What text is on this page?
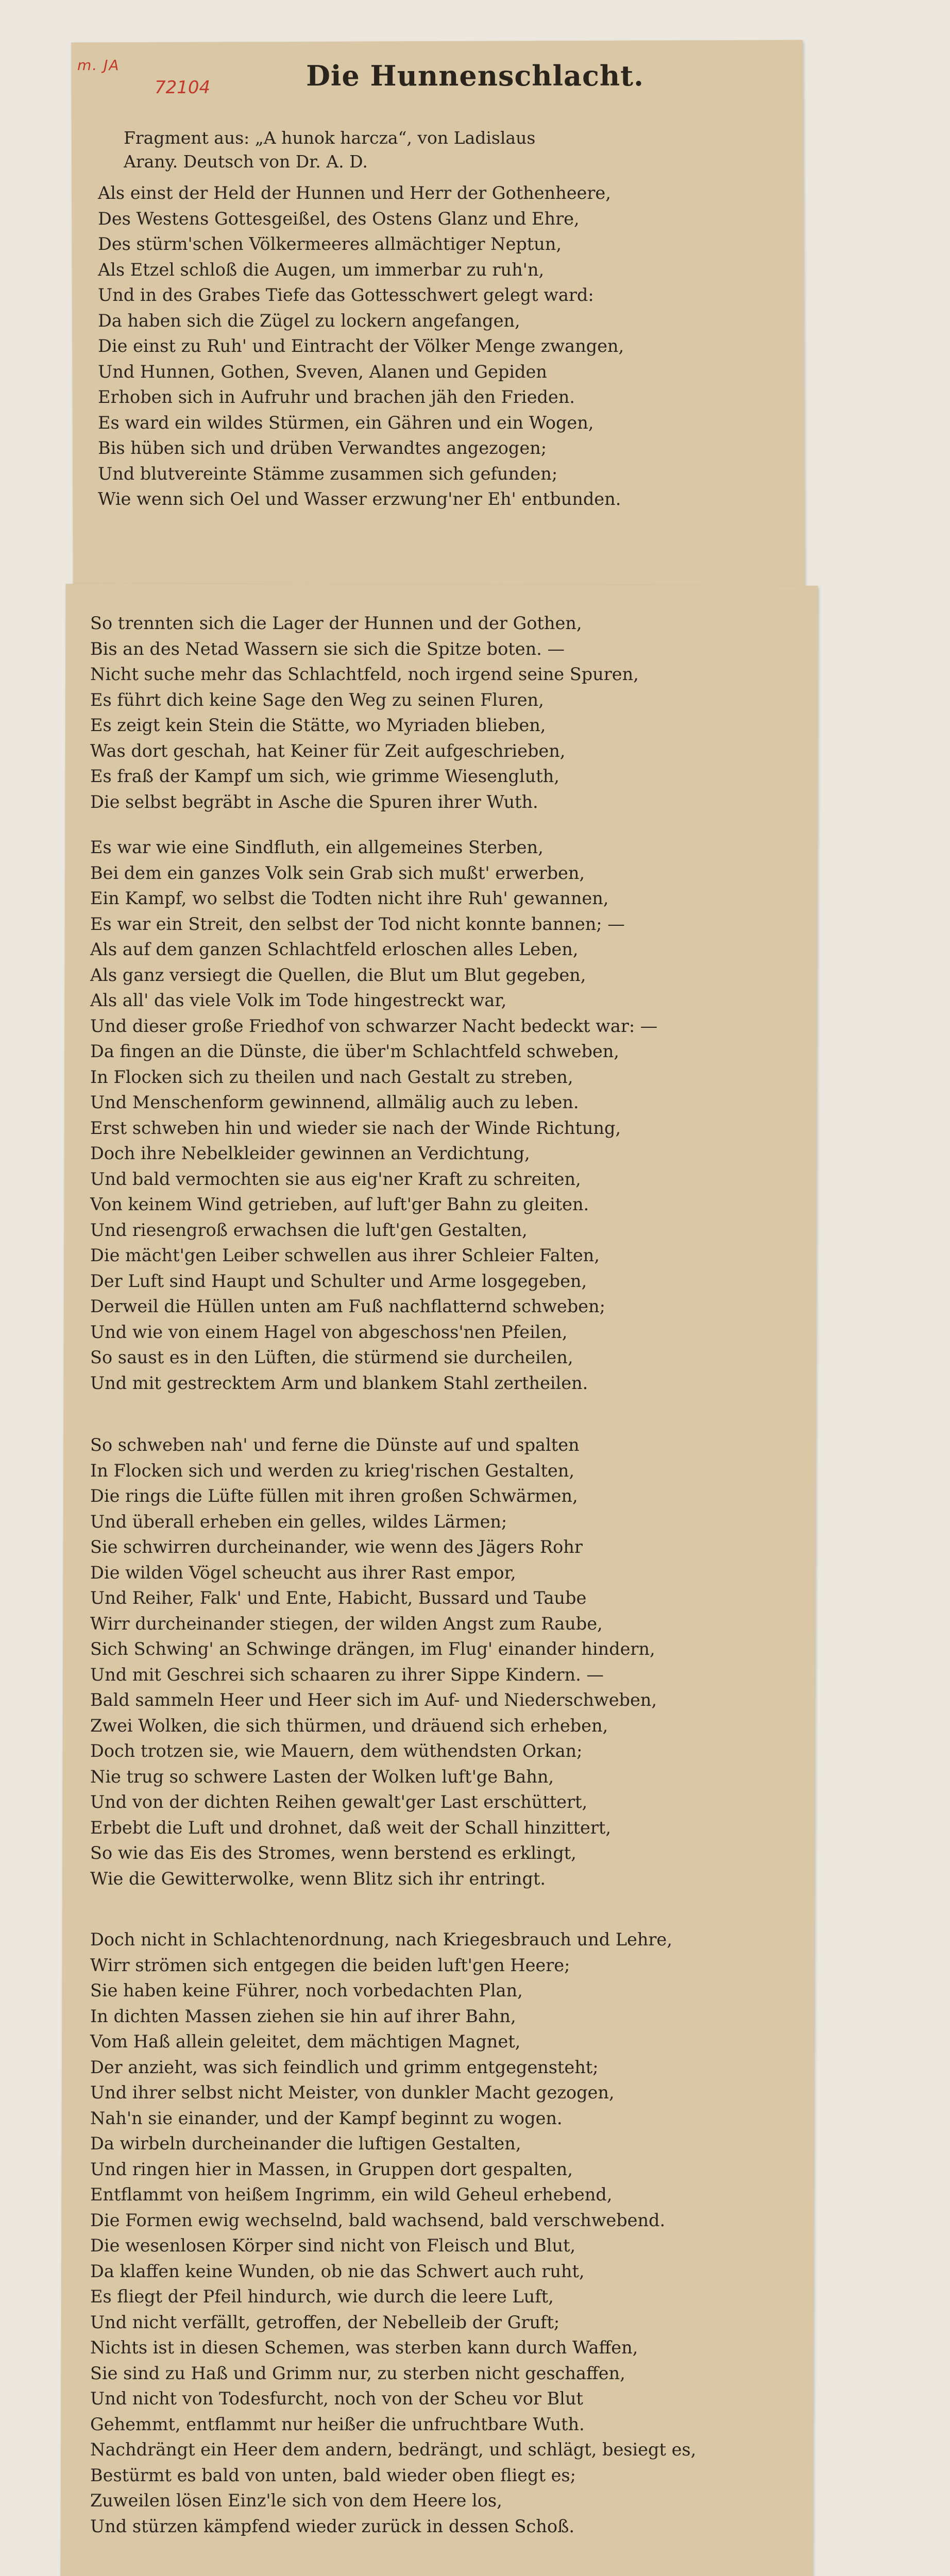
m. JA
72104	Die Hunnenschlacht.
Fragment aus: „A hunok harcza“, von Ladislaus
Arany. Deutsch von Dr. A. D.
Als einst der Held der Hunnen und Herr der Gothenheere,
Des Westens Gottesgeißel, des Ostens Glanz und Ehre,
Des stürm'schen Völkermeeres allmächtiger Neptun,
Als Etzel schloß die Augen, um immerbar zu ruh'n,
Und in des Grabes Tiefe das Gottesschwert gelegt ward:
Da haben sich die Zügel zu lockern angefangen,
Die einst zu Ruh' und Eintracht der Völker Menge zwangen,
Und Hunnen, Gothen, Sveven, Alanen und Gepiden
Erhoben sich in Aufruhr und brachen jäh den Frieden.
Es ward ein wildes Stürmen, ein Gähren und ein Wogen,
Bis hüben sich und drüben Verwandtes angezogen;
Und blutvereinte Stämme zusammen sich gefunden;
Wie wenn sich Oel und Wasser erzwung'ner Eh' entbunden.
So trennten sich die Lager der Hunnen und der Gothen,
Bis an des Netad Wassern sie sich die Spitze boten. —
Nicht suche mehr das Schlachtfeld, noch irgend seine Spuren,
Es führt dich keine Sage den Weg zu seinen Fluren,
Es zeigt kein Stein die Stätte, wo Myriaden blieben,
Was dort geschah, hat Keiner für Zeit aufgeschrieben,
Es fraß der Kampf um sich, wie grimme Wiesengluth,
Die selbst begräbt in Asche die Spuren ihrer Wuth.
Es war wie eine Sindfluth, ein allgemeines Sterben,
Bei dem ein ganzes Volk sein Grab sich mußt' erwerben,
Ein Kampf, wo selbst die Todten nicht ihre Ruh' gewannen,
Es war ein Streit, den selbst der Tod nicht konnte bannen; —
Als auf dem ganzen Schlachtfeld erloschen alles Leben,
Als ganz versiegt die Quellen, die Blut um Blut gegeben,
Als all' das viele Volk im Tode hingestreckt war,
Und dieser große Friedhof von schwarzer Nacht bedeckt war: —
Da fingen an die Dünste, die über'm Schlachtfeld schweben,
In Flocken sich zu theilen und nach Gestalt zu streben,
Und Menschenform gewinnend, allmälig auch zu leben.
Erst schweben hin und wieder sie nach der Winde Richtung,
Doch ihre Nebelkleider gewinnen an Verdichtung,
Und bald vermochten sie aus eig'ner Kraft zu schreiten,
Von keinem Wind getrieben, auf luft'ger Bahn zu gleiten.
Und riesengroß erwachsen die luft'gen Gestalten,
Die mächt'gen Leiber schwellen aus ihrer Schleier Falten,
Der Luft sind Haupt und Schulter und Arme losgegeben,
Derweil die Hüllen unten am Fuß nachflatternd schweben;
Und wie von einem Hagel von abgeschoss'nen Pfeilen,
So saust es in den Lüften, die stürmend sie durcheilen,
Und mit gestrecktem Arm und blankem Stahl zertheilen.
So schweben nah' und ferne die Dünste auf und spalten
In Flocken sich und werden zu krieg'rischen Gestalten,
Die rings die Lüfte füllen mit ihren großen Schwärmen,
Und überall erheben ein gelles, wildes Lärmen;
Sie schwirren durcheinander, wie wenn des Jägers Rohr
Die wilden Vögel scheucht aus ihrer Rast empor,
Und Reiher, Falk' und Ente, Habicht, Bussard und Taube
Wirr durcheinander stiegen, der wilden Angst zum Raube,
Sich Schwing' an Schwinge drängen, im Flug' einander hindern,
Und mit Geschrei sich schaaren zu ihrer Sippe Kindern. —
Bald sammeln Heer und Heer sich im Auf- und Niederschweben,
Zwei Wolken, die sich thürmen, und dräuend sich erheben,
Doch trotzen sie, wie Mauern, dem wüthendsten Orkan;
Nie trug so schwere Lasten der Wolken luft'ge Bahn,
Und von der dichten Reihen gewalt'ger Last erschüttert,
Erbebt die Luft und drohnet, daß weit der Schall hinzittert,
So wie das Eis des Stromes, wenn berstend es erklingt,
Wie die Gewitterwolke, wenn Blitz sich ihr entringt.
Doch nicht in Schlachtenordnung, nach Kriegesbrauch und Lehre,
Wirr strömen sich entgegen die beiden luft'gen Heere;
Sie haben keine Führer, noch vorbedachten Plan,
In dichten Massen ziehen sie hin auf ihrer Bahn,
Vom Haß allein geleitet, dem mächtigen Magnet,
Der anzieht, was sich feindlich und grimm entgegensteht;
Und ihrer selbst nicht Meister, von dunkler Macht gezogen,
Nah'n sie einander, und der Kampf beginnt zu wogen.
Da wirbeln durcheinander die luftigen Gestalten,
Und ringen hier in Massen, in Gruppen dort gespalten,
Entflammt von heißem Ingrimm, ein wild Geheul erhebend,
Die Formen ewig wechselnd, bald wachsend, bald verschwebend.
Die wesenlosen Körper sind nicht von Fleisch und Blut,
Da klaffen keine Wunden, ob nie das Schwert auch ruht,
Es fliegt der Pfeil hindurch, wie durch die leere Luft,
Und nicht verfällt, getroffen, der Nebelleib der Gruft;
Nichts ist in diesen Schemen, was sterben kann durch Waffen,
Sie sind zu Haß und Grimm nur, zu sterben nicht geschaffen,
Und nicht von Todesfurcht, noch von der Scheu vor Blut
Gehemmt, entflammt nur heißer die unfruchtbare Wuth.
Nachdrängt ein Heer dem andern, bedrängt, und schlägt, besiegt es,
Bestürmt es bald von unten, bald wieder oben fliegt es;
Zuweilen lösen Einz'le sich von dem Heere los,
Und stürzen kämpfend wieder zurück in dessen Schoß.
